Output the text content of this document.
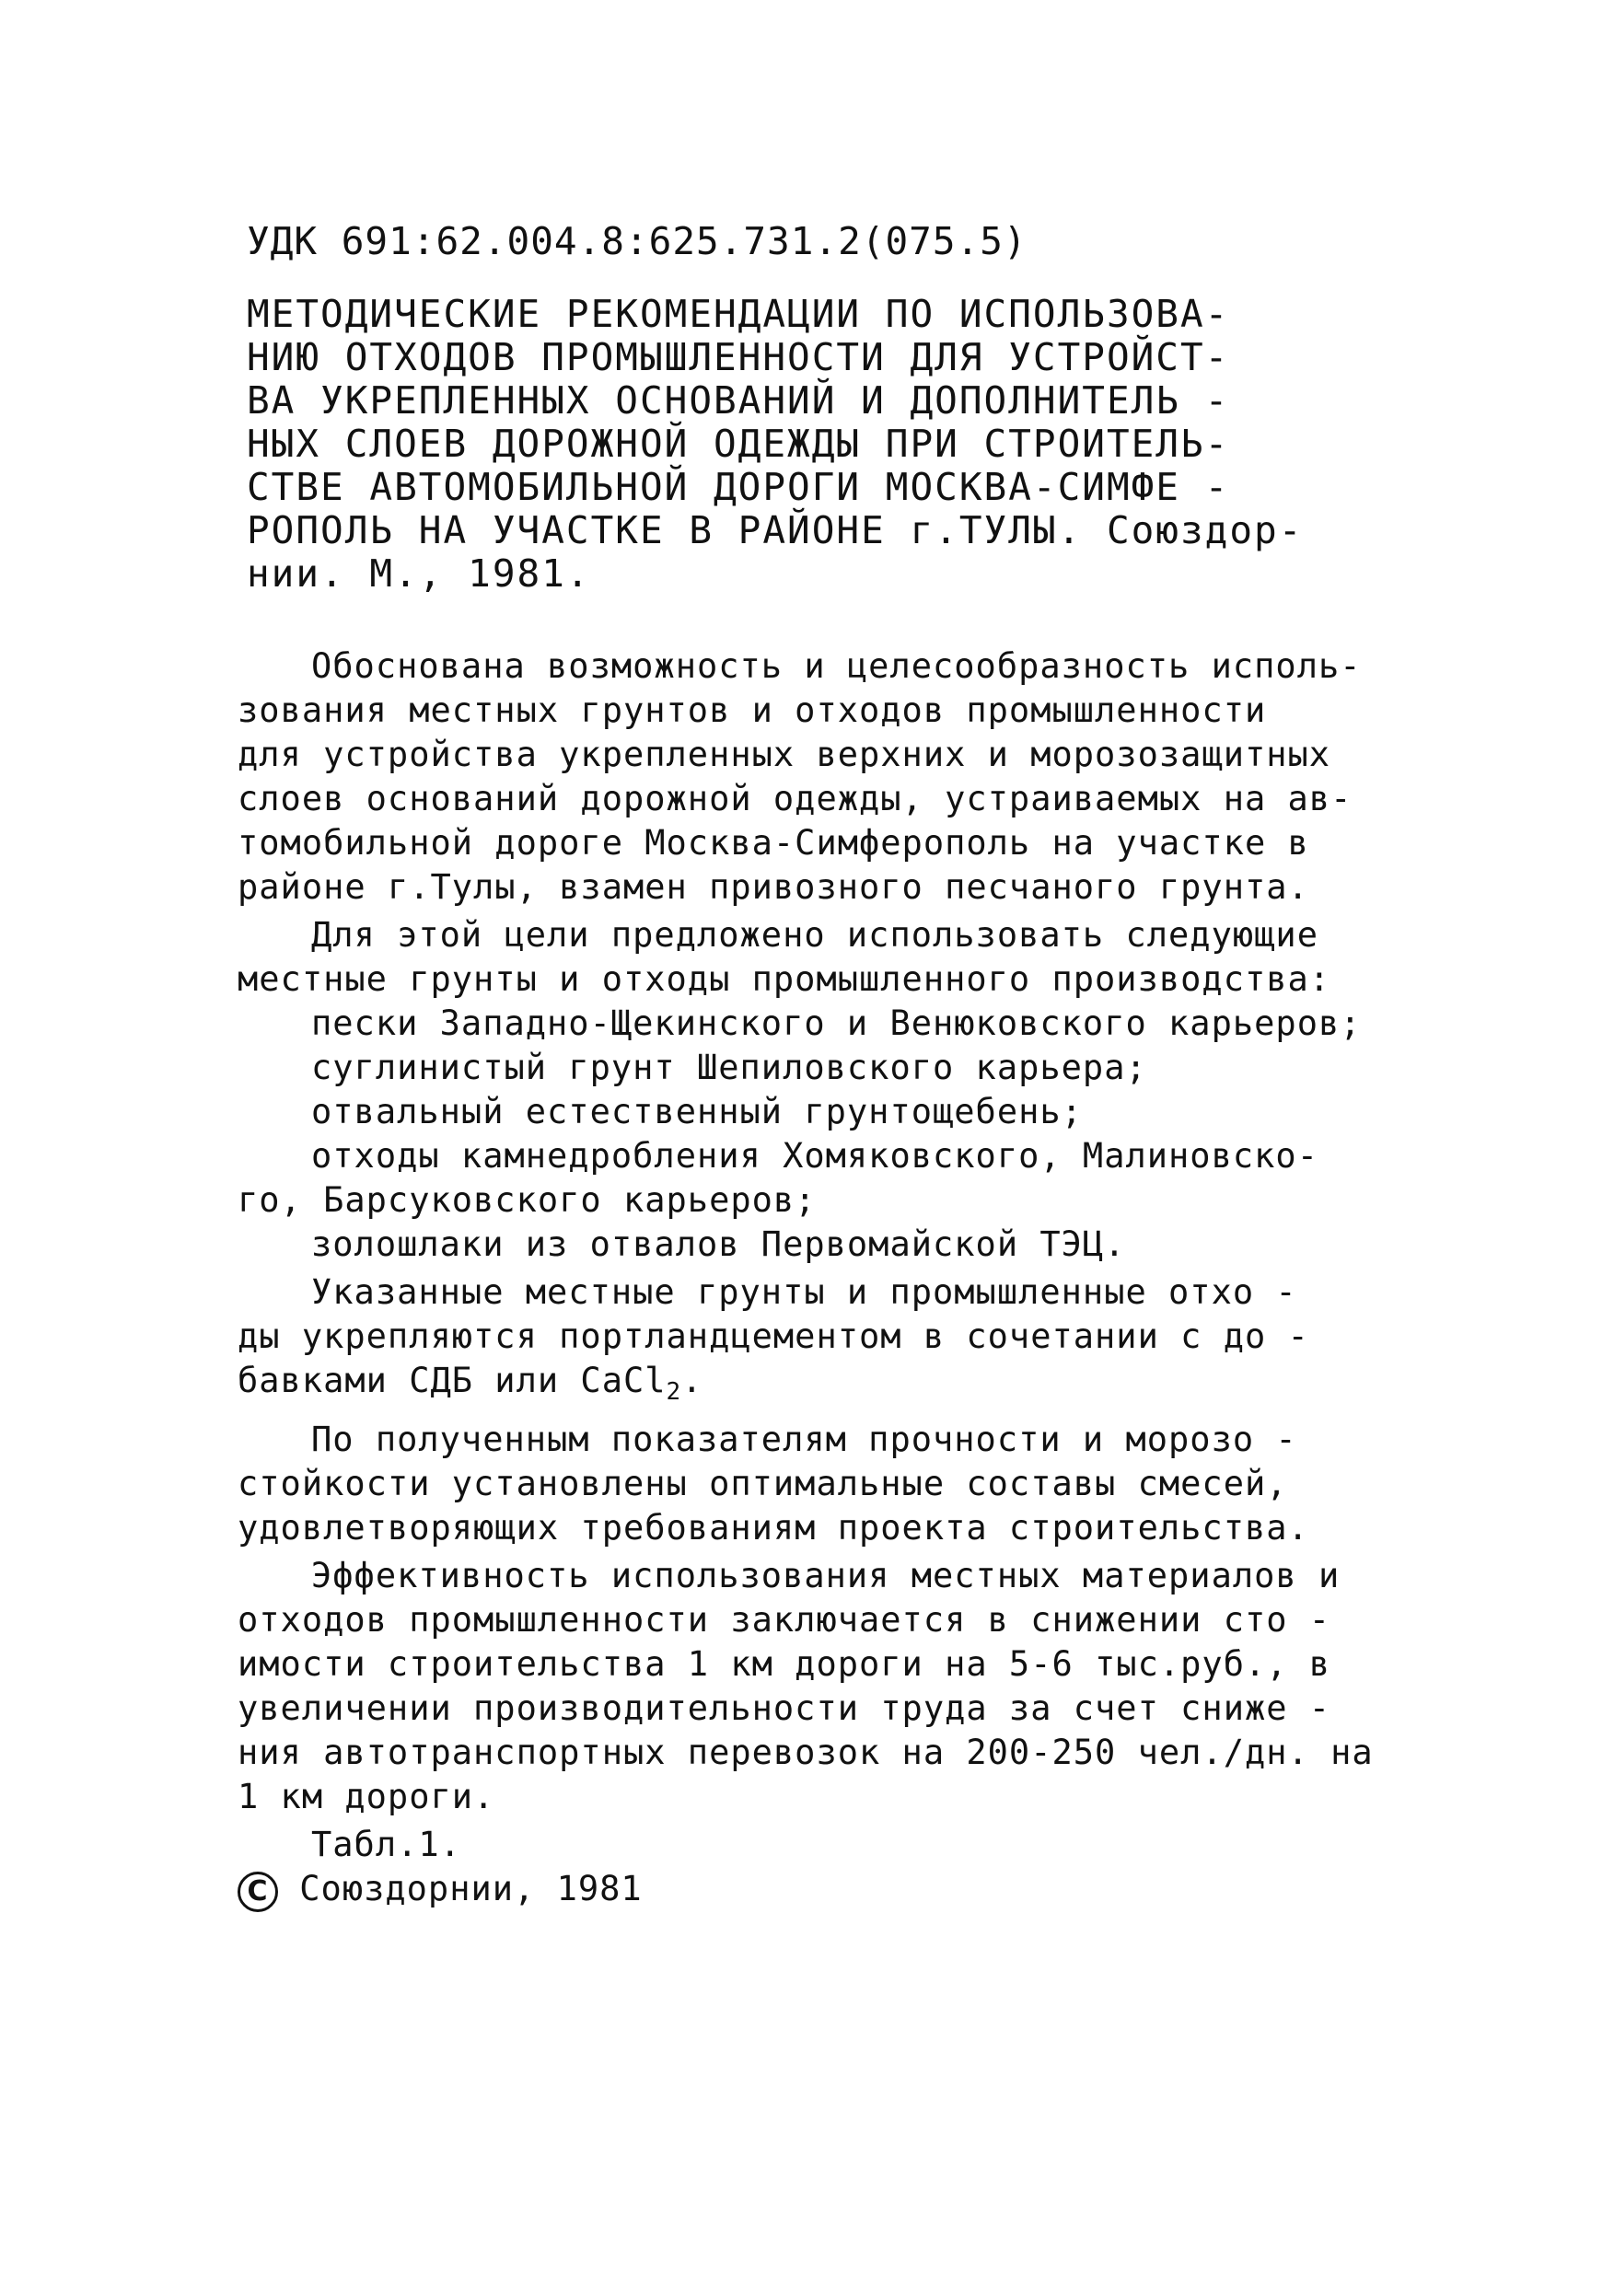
УДК 691:62.004.8:625.731.2(075.5)
МЕТОДИЧЕСКИЕ РЕКОМЕНДАЦИИ ПО ИСПОЛЬЗОВА-
НИЮ ОТХОДОВ ПРОМЫШЛЕННОСТИ ДЛЯ УСТРОЙСТ-
ВА УКРЕПЛЕННЫХ ОСНОВАНИЙ И ДОПОЛНИТЕЛЬ -
НЫХ СЛОЕВ ДОРОЖНОЙ ОДЕЖДЫ ПРИ СТРОИТЕЛЬ-
СТВЕ АВТОМОБИЛЬНОЙ ДОРОГИ МОСКВА-СИМФЕ -
РОПОЛЬ НА УЧАСТКЕ В РАЙОНЕ г.ТУЛЫ. Союздор-
нии. М., 1981.
Обоснована возможность и целесообразность исполь-
зования местных грунтов и отходов промышленности
для устройства укрепленных верхних и морозозащитных
слоев оснований дорожной одежды, устраиваемых на ав-
томобильной дороге Москва-Симферополь на участке в
районе г.Тулы, взамен привозного песчаного грунта.
Для этой цели предложено использовать следующие
местные грунты и отходы промышленного производства:
пески Западно-Щекинского и Венюковского карьеров;
суглинистый грунт Шепиловского карьера;
отвальный естественный грунтощебень;
отходы камнедробления Хомяковского, Малиновско-
го, Барсуковского карьеров;
золошлаки из отвалов Первомайской ТЭЦ.
Указанные местные грунты и промышленные отхо -
ды укрепляются портландцементом в сочетании с до -
бавками СДБ или CaCl$_2$.
По полученным показателям прочности и морозо -
стойкости установлены оптимальные составы смесей,
удовлетворяющих требованиям проекта строительства.
Эффективность использования местных материалов и
отходов промышленности заключается в снижении сто -
имости строительства 1 км дороги на 5-6 тыс.руб., в
увеличении производительности труда за счет сниже -
ния автотранспортных перевозок на 200-250 чел./дн. на
1 км дороги.
Табл.1.
C Союздорнии, 1981
